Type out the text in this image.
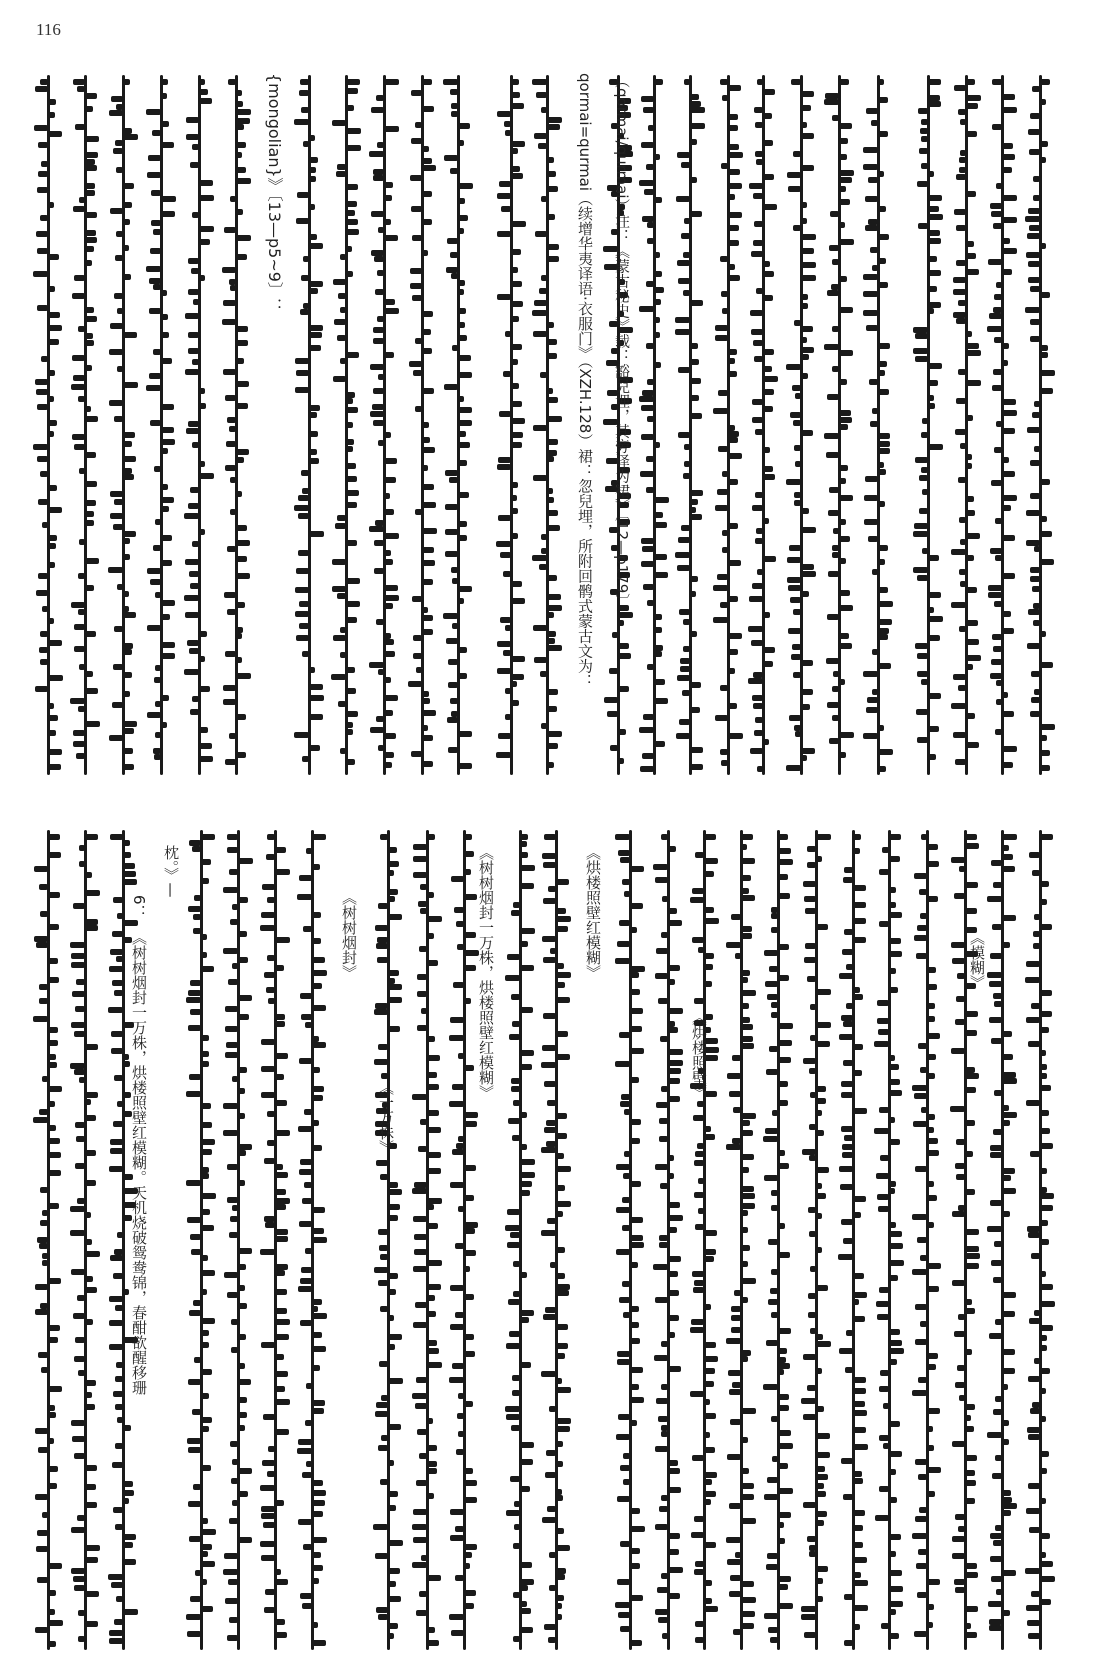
116
{mongolian}》〔13—p5~9〕：	（qormai/qurmai）注：《蒙古秘史》载：豁兒埋，其旁译为裙》〔12—p179〕
qormai=qurmai（续增华夷译语·衣服门》（XZH.128）裙：忽兒埋，所附回鹘式蒙古文为：
《树树烟封一万株，烘楼照壁红模糊》	《烘楼照壁红模糊》
《树树烟封》
《一万株》
《烘楼照壁》
《模糊》
《树树烟封一万株，烘楼照壁红模糊。天机烧破鸳鸯锦，春酣欲醒移珊
6：
枕。》—
